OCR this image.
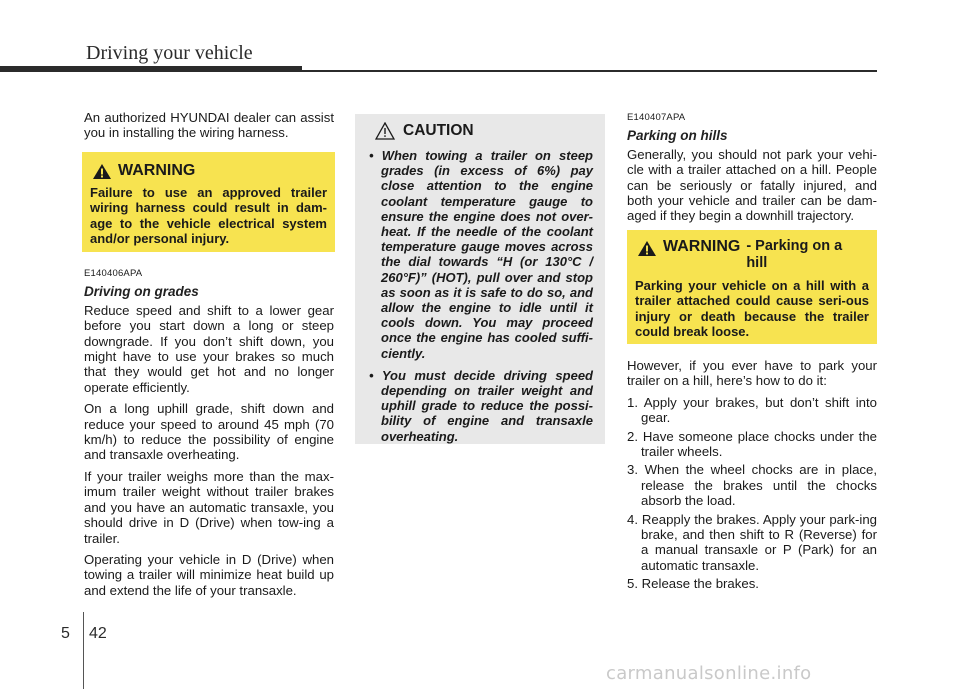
Driving your vehicle

An authorized HYUNDAI dealer can assist you in installing the wiring harness.

WARNING
Failure to use an approved trailer wiring harness could result in dam-age to the vehicle electrical system and/or personal injury.
E140406APA
Driving on grades

Reduce speed and shift to a lower gear before you start down a long or steep downgrade. If you don’t shift down, you might have to use your brakes so much that they would get hot and no longer operate efficiently.

On a long uphill grade, shift down and reduce your speed to around 45 mph (70 km/h) to reduce the possibility of engine and transaxle overheating.

If your trailer weighs more than the max-imum trailer weight without trailer brakes and you have an automatic transaxle, you should drive in D (Drive) when tow-ing a trailer.

Operating your vehicle in D (Drive) when towing a trailer will minimize heat build up and extend the life of your transaxle.

CAUTION
• When towing a trailer on steep grades (in excess of 6%) pay close attention to the engine coolant temperature gauge to ensure the engine does not over-heat. If the needle of the coolant temperature gauge moves across the dial towards “H (or 130°C / 260°F)” (HOT), pull over and stop as soon as it is safe to do so, and allow the engine to idle until it cools down. You may proceed once the engine has cooled suffi-ciently.
• You must decide driving speed depending on trailer weight and uphill grade to reduce the possi-bility of engine and transaxle overheating.
E140407APA
Parking on hills

Generally, you should not park your vehi-cle with a trailer attached on a hill. People can be seriously or fatally injured, and both your vehicle and trailer can be dam-aged if they begin a downhill trajectory.

WARNING - Parking on a hill
Parking your vehicle on a hill with a trailer attached could cause seri-ous injury or death because the trailer could break loose.

However, if you ever have to park your trailer on a hill, here’s how to do it:

1. Apply your brakes, but don’t shift into gear.
2. Have someone place chocks under the trailer wheels.
3. When the wheel chocks are in place, release the brakes until the chocks absorb the load.
4. Reapply the brakes. Apply your park-ing brake, and then shift to R (Reverse) for a manual transaxle or P (Park) for an automatic transaxle.
5. Release the brakes.
5 42
carmanualsonline.info
